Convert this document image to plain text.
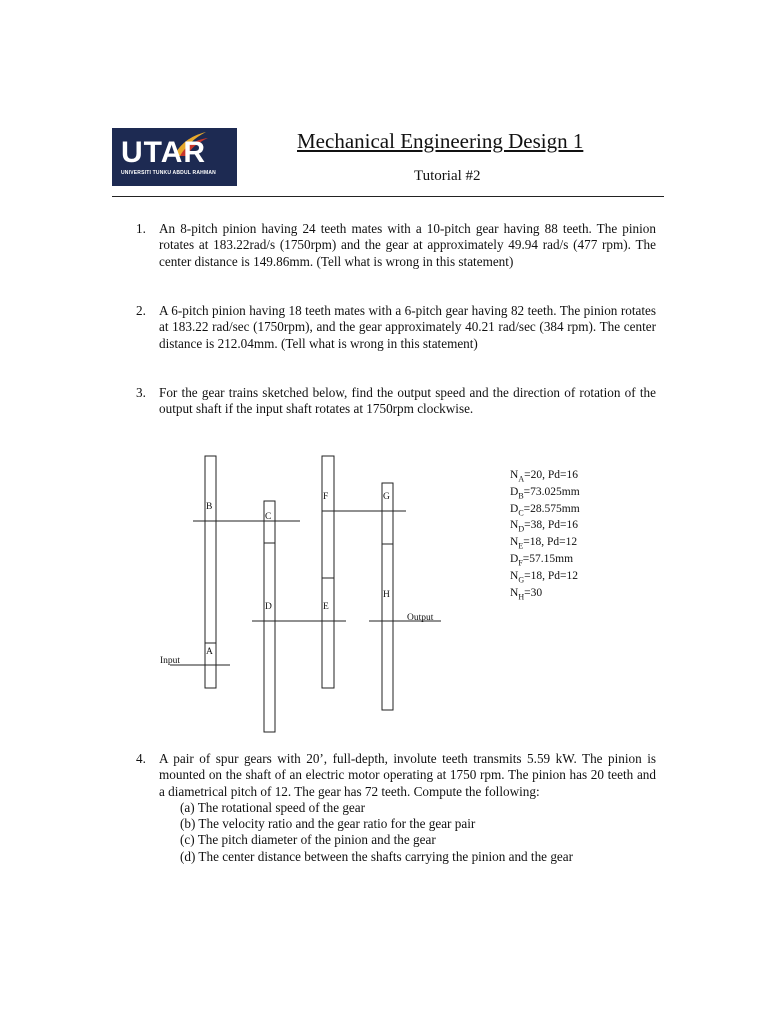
UTAR
UNIVERSITI TUNKU ABDUL RAHMAN
Mechanical Engineering Design 1
Tutorial #2
1. An 8-pitch pinion having 24 teeth mates with a 10-pitch gear having 88 teeth. The pinion rotates at 183.22rad/s (1750rpm) and the gear at approximately 49.94 rad/s (477 rpm). The center distance is 149.86mm. (Tell what is wrong in this statement)
2. A 6-pitch pinion having 18 teeth mates with a 6-pitch gear having 82 teeth. The pinion rotates at 183.22 rad/sec (1750rpm), and the gear approximately 40.21 rad/sec (384 rpm). The center distance is 212.04mm. (Tell what is wrong in this statement)
3. For the gear trains sketched below, find the output speed and the direction of rotation of the output shaft if the input shaft rotates at 1750rpm clockwise.
B
C
D
F
E
G
H
A
Input
Output
$N_A=20$, Pd=16
$D_B=73.025mm$
$D_C=28.575mm$
$N_D=38$, Pd=16
$N_E=18$, Pd=12
$D_F=57.15mm$
$N_G=18$, Pd=12
$N_H=30$
4. A pair of spur gears with 20’, full-depth, involute teeth transmits 5.59 kW. The pinion is mounted on the shaft of an electric motor operating at 1750 rpm. The pinion has 20 teeth and a diametrical pitch of 12. The gear has 72 teeth. Compute the following:
(a) The rotational speed of the gear
(b) The velocity ratio and the gear ratio for the gear pair
(c) The pitch diameter of the pinion and the gear
(d) The center distance between the shafts carrying the pinion and the gear
